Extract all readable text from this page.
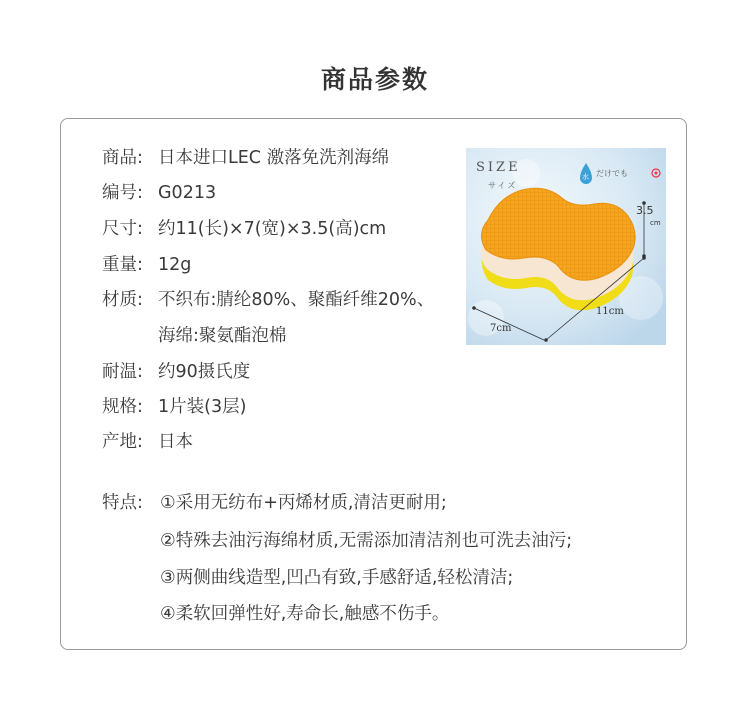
商品参数
商品: 日本进口LEC 激落免洗剂海绵
编号: G0213
尺寸: 约11(长)×7(宽)×3.5(高)cm
重量: 12g
材质: 不织布:腈纶80%、聚酯纤维20%、
海绵:聚氨酯泡棉
耐温: 约90摄氏度
规格: 1片装(3层)
产地: 日本
特点: ①采用无纺布+丙烯材质,清洁更耐用;
②特殊去油污海绵材质,无需添加清洁剂也可洗去油污;
③两侧曲线造型,凹凸有致,手感舒适,轻松清洁;
④柔软回弹性好,寿命长,触感不伤手。
SIZE
サイズ
水 だけでも
3.5
cm
11cm
7cm
